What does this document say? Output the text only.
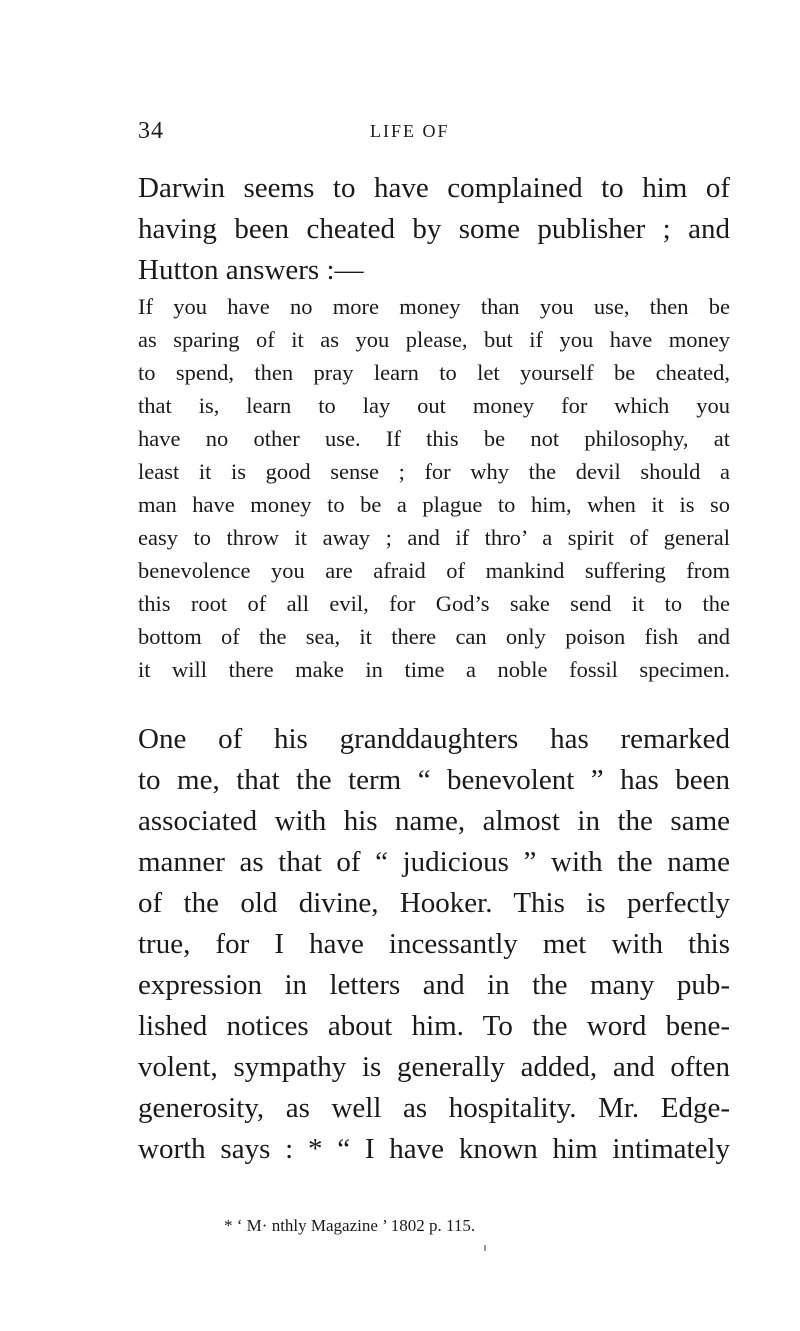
34	LIFE OF
Darwin seems to have complained to him of
having been cheated by some publisher ; and
Hutton answers :—
If you have no more money than you use, then be
as sparing of it as you please, but if you have money
to spend, then pray learn to let yourself be cheated,
that is, learn to lay out money for which you
have no other use. If this be not philosophy, at
least it is good sense ; for why the devil should a
man have money to be a plague to him, when it is so
easy to throw it away ; and if thro’ a spirit of general
benevolence you are afraid of mankind suffering from
this root of all evil, for God’s sake send it to the
bottom of the sea, it there can only poison fish and
it will there make in time a noble fossil specimen.
One of his granddaughters has remarked
to me, that the term “ benevolent ” has been
associated with his name, almost in the same
manner as that of “ judicious ” with the name
of the old divine, Hooker. This is perfectly
true, for I have incessantly met with this
expression in letters and in the many pub-
lished notices about him. To the word bene-
volent, sympathy is generally added, and often
generosity, as well as hospitality. Mr. Edge-
worth says : * “ I have known him intimately
* ‘ M· nthly Magazine ’ 1802 p. 115.
